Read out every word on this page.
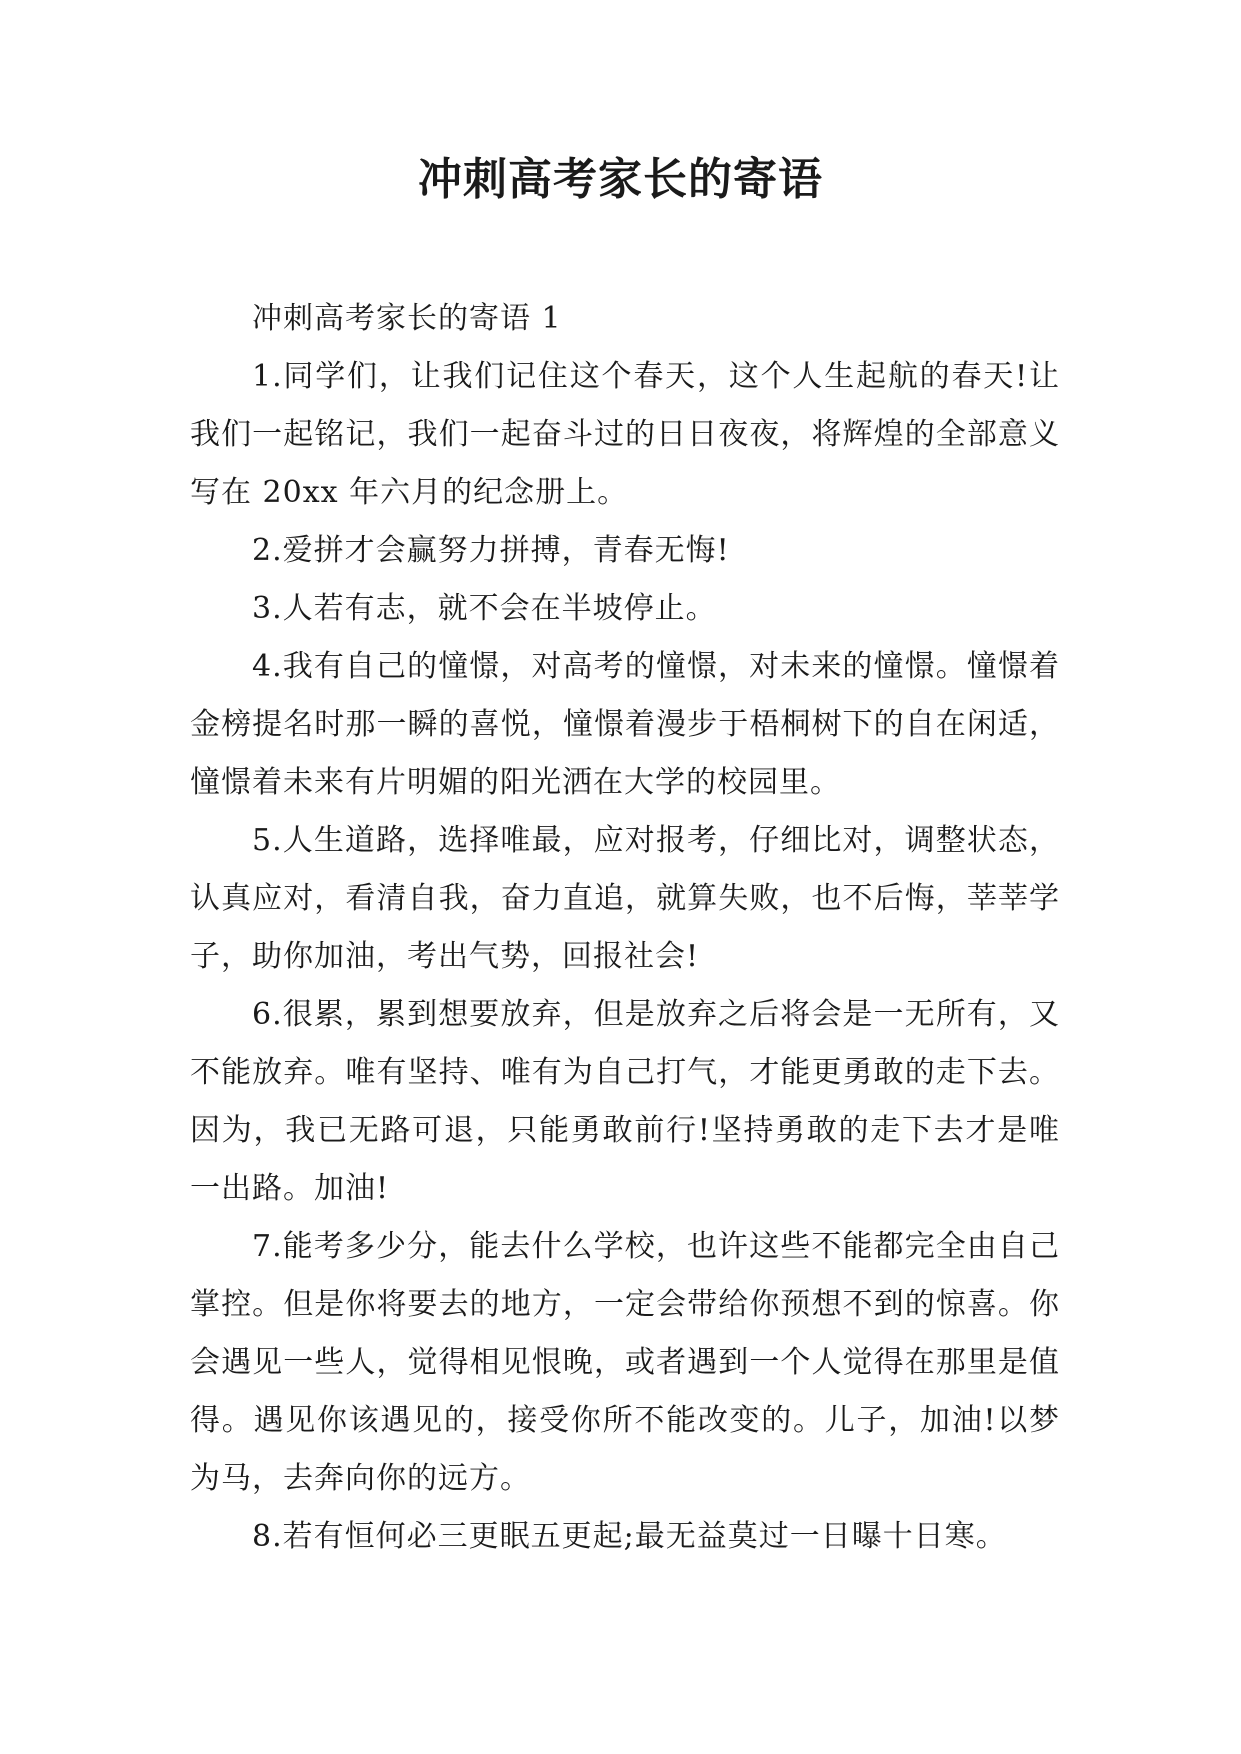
冲刺高考家长的寄语

冲刺高考家长的寄语 1

1.同学们，让我们记住这个春天，这个人生起航的春天!让我们一起铭记，我们一起奋斗过的日日夜夜，将辉煌的全部意义写在 20xx 年六月的纪念册上。

2.爱拼才会赢努力拼搏，青春无悔!

3.人若有志，就不会在半坡停止。

4.我有自己的憧憬，对高考的憧憬，对未来的憧憬。憧憬着金榜提名时那一瞬的喜悦，憧憬着漫步于梧桐树下的自在闲适，憧憬着未来有片明媚的阳光洒在大学的校园里。

5.人生道路，选择唯最，应对报考，仔细比对，调整状态，认真应对，看清自我，奋力直追，就算失败，也不后悔，莘莘学子，助你加油，考出气势，回报社会!

6.很累，累到想要放弃，但是放弃之后将会是一无所有，又不能放弃。唯有坚持、唯有为自己打气，才能更勇敢的走下去。因为，我已无路可退，只能勇敢前行!坚持勇敢的走下去才是唯一出路。加油!

7.能考多少分，能去什么学校，也许这些不能都完全由自己掌控。但是你将要去的地方，一定会带给你预想不到的惊喜。你会遇见一些人，觉得相见恨晚，或者遇到一个人觉得在那里是值得。遇见你该遇见的，接受你所不能改变的。儿子，加油!以梦为马，去奔向你的远方。

8.若有恒何必三更眠五更起;最无益莫过一日曝十日寒。
